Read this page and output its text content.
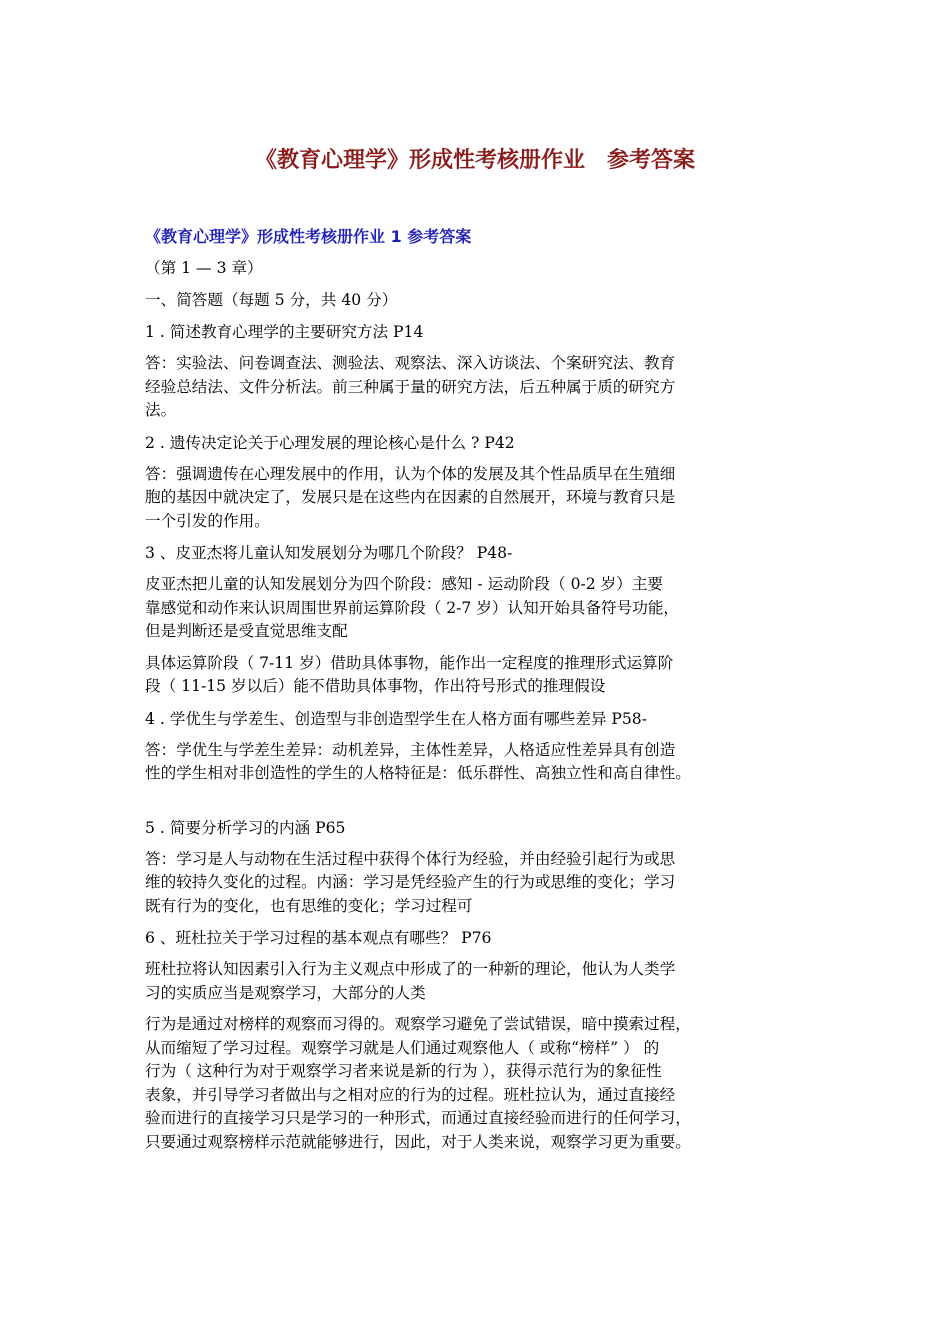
《教育心理学》形成性考核册作业　参考答案
《教育心理学》形成性考核册作业 1 参考答案
（第 1 — 3 章）
一、简答题（每题 5 分，共 40 分）
1 . 简述教育心理学的主要研究方法 P14
答：实验法、问卷调查法、测验法、观察法、深入访谈法、个案研究法、教育
经验总结法、文件分析法。前三种属于量的研究方法，后五种属于质的研究方
法。
2 . 遗传决定论关于心理发展的理论核心是什么 ? P42
答：强调遗传在心理发展中的作用，认为个体的发展及其个性品质早在生殖细
胞的基因中就决定了，发展只是在这些内在因素的自然展开，环境与教育只是
一个引发的作用。
3 、皮亚杰将儿童认知发展划分为哪几个阶段？ P48-
皮亚杰把儿童的认知发展划分为四个阶段：感知 - 运动阶段（ 0-2 岁）主要
靠感觉和动作来认识周围世界前运算阶段（ 2-7 岁）认知开始具备符号功能，
但是判断还是受直觉思维支配
具体运算阶段（ 7-11 岁）借助具体事物，能作出一定程度的推理形式运算阶
段（ 11-15 岁以后）能不借助具体事物，作出符号形式的推理假设
4 . 学优生与学差生、创造型与非创造型学生在人格方面有哪些差异 P58-
答：学优生与学差生差异：动机差异，主体性差异，人格适应性差异具有创造
性的学生相对非创造性的学生的人格特征是：低乐群性、高独立性和高自律性。
5 . 简要分析学习的内涵 P65
答：学习是人与动物在生活过程中获得个体行为经验，并由经验引起行为或思
维的较持久变化的过程。内涵：学习是凭经验产生的行为或思维的变化；学习
既有行为的变化，也有思维的变化；学习过程可
6 、班杜拉关于学习过程的基本观点有哪些？ P76
班杜拉将认知因素引入行为主义观点中形成了的一种新的理论，他认为人类学
习的实质应当是观察学习，大部分的人类
行为是通过对榜样的观察而习得的。观察学习避免了尝试错误，暗中摸索过程，
从而缩短了学习过程。观察学习就是人们通过观察他人（ 或称“榜样” ） 的
行为（ 这种行为对于观察学习者来说是新的行为 ），获得示范行为的象征性
表象，并引导学习者做出与之相对应的行为的过程。班杜拉认为，通过直接经
验而进行的直接学习只是学习的一种形式，而通过直接经验而进行的任何学习，
只要通过观察榜样示范就能够进行，因此，对于人类来说，观察学习更为重要。
